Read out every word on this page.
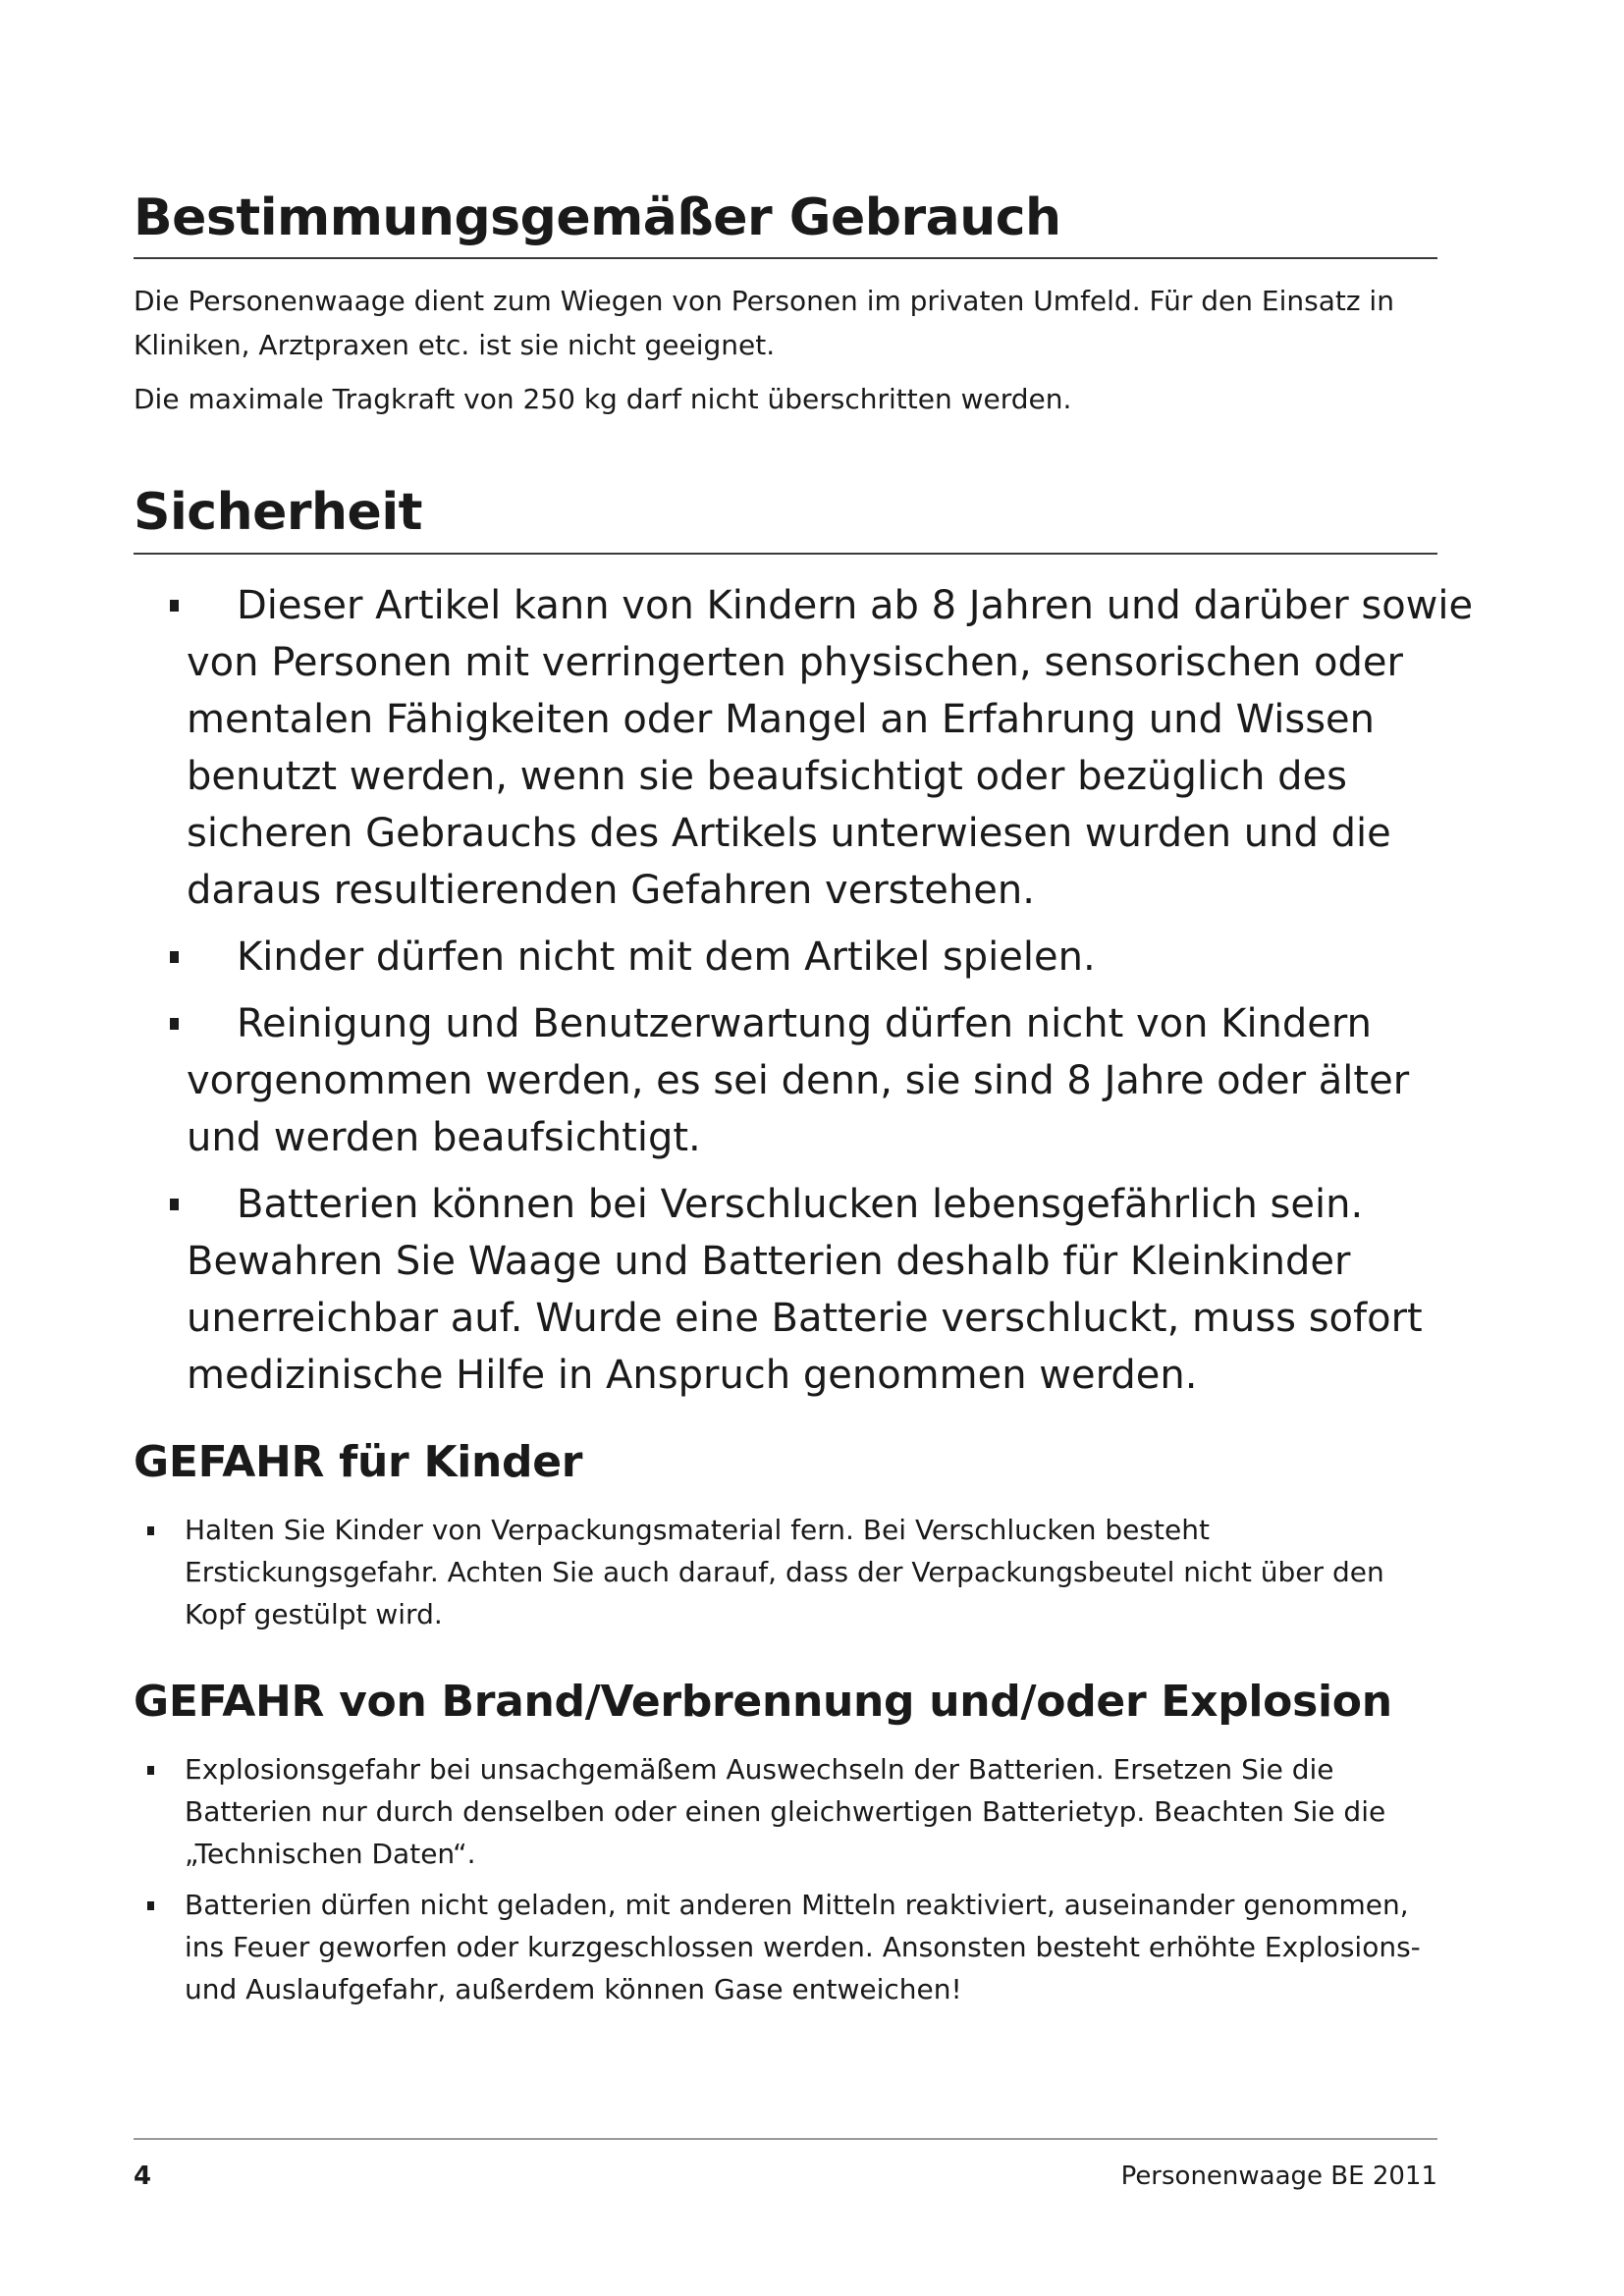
Bestimmungsgemäßer Gebrauch

Die Personenwaage dient zum Wiegen von Personen im privaten Umfeld. Für den Einsatz in Kliniken, Arztpraxen etc. ist sie nicht geeignet.

Die maximale Tragkraft von 250 kg darf nicht überschritten werden.

Sicherheit
Dieser Artikel kann von Kindern ab 8 Jahren und darüber sowie von Personen mit verringerten physischen, sensorischen oder mentalen Fähigkeiten oder Mangel an Erfahrung und Wissen benutzt werden, wenn sie beaufsichtigt oder bezüglich des sicheren Gebrauchs des Artikels unterwiesen wurden und die daraus resultierenden Gefahren verstehen.
Kinder dürfen nicht mit dem Artikel spielen.
Reinigung und Benutzerwartung dürfen nicht von Kindern vorgenommen werden, es sei denn, sie sind 8 Jahre oder älter und werden beaufsichtigt.
Batterien können bei Verschlucken lebensgefährlich sein. Bewahren Sie Waage und Batterien deshalb für Kleinkinder unerreichbar auf. Wurde eine Batterie verschluckt, muss sofort medizinische Hilfe in Anspruch genommen werden.
GEFAHR für Kinder
Halten Sie Kinder von Verpackungsmaterial fern. Bei Verschlucken besteht Erstickungsgefahr. Achten Sie auch darauf, dass der Verpackungsbeutel nicht über den Kopf gestülpt wird.
GEFAHR von Brand/Verbrennung und/oder Explosion
Explosionsgefahr bei unsachgemäßem Auswechseln der Batterien. Ersetzen Sie die Batterien nur durch denselben oder einen gleichwertigen Batterietyp. Beachten Sie die „Technischen Daten“.
Batterien dürfen nicht geladen, mit anderen Mitteln reaktiviert, auseinander genommen, ins Feuer geworfen oder kurzgeschlossen werden. Ansonsten besteht erhöhte Explosions- und Auslaufgefahr, außerdem können Gase entweichen!
4	Personenwaage BE 2011
